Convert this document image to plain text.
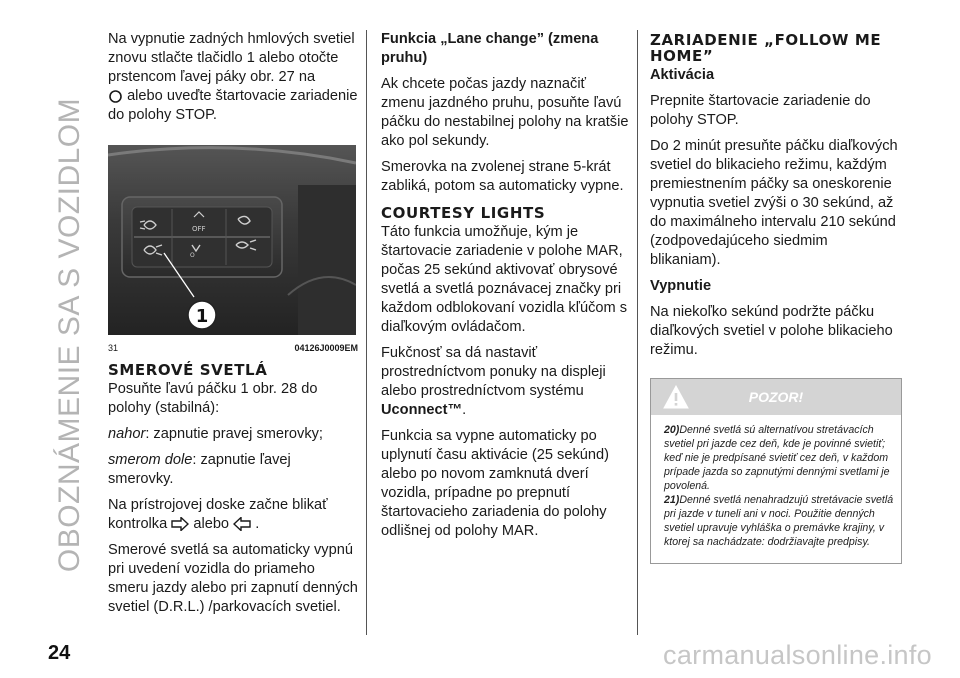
OBOZNÁMENIE SA S VOZIDLOM

Na vypnutie zadných hmlových svetiel znovu stlačte tlačidlo 1 alebo otočte prstencom ľavej páky obr. 27 na
alebo uveďte štartovacie zariadenie do polohy STOP.

OFF
O
1
31	04126J0009EM
SMEROVÉ SVETLÁ

Posuňte ľavú páčku 1 obr. 28 do polohy (stabilná):

nahor: zapnutie pravej smerovky;

smerom dole: zapnutie ľavej smerovky.

Na prístrojovej doske začne blikať kontrolka alebo .

Smerové svetlá sa automaticky vypnú pri uvedení vozidla do priameho smeru jazdy alebo pri zapnutí denných svetiel (D.R.L.) /parkovacích svetiel.

Funkcia „Lane change” (zmena pruhu)

Ak chcete počas jazdy naznačiť zmenu jazdného pruhu, posuňte ľavú páčku do nestabilnej polohy na kratšie ako pol sekundy.

Smerovka na zvolenej strane 5-krát zabliká, potom sa automaticky vypne.

COURTESY LIGHTS

Táto funkcia umožňuje, kým je štartovacie zariadenie v polohe MAR, počas 25 sekúnd aktivovať obrysové svetlá a svetlá poznávacej značky pri každom odblokovaní vozidla kľúčom s diaľkovým ovládačom.

Fukčnosť sa dá nastaviť prostredníctvom ponuky na displeji alebo prostredníctvom systému Uconnect™.

Funkcia sa vypne automaticky po uplynutí času aktivácie (25 sekúnd) alebo po novom zamknutá dverí vozidla, prípadne po prepnutí štartovacieho zariadenia do polohy odlišnej od polohy MAR.

ZARIADENIE „FOLLOW ME HOME”

Aktivácia

Prepnite štartovacie zariadenie do polohy STOP.

Do 2 minút presuňte páčku diaľkových svetiel do blikacieho režimu, každým premiestnením páčky sa oneskorenie vypnutia svetiel zvýši o 30 sekúnd, až do maximálneho intervalu 210 sekúnd (zodpovedajúceho siedmim blikaniam).

Vypnutie

Na niekoľko sekúnd podržte páčku diaľkových svetiel v polohe blikacieho režimu.

POZOR!

20)Denné svetlá sú alternatívou stretávacích svetiel pri jazde cez deň, kde je povinné svietiť; keď nie je predpísané svietiť cez deň, v každom prípade jazda so zapnutými dennými svetlami je povolená.

21)Denné svetlá nenahradzujú stretávacie svetlá pri jazde v tuneli ani v noci. Použitie denných svetiel upravuje vyhláška o premávke krajiny, v ktorej sa nachádzate: dodržiavajte predpisy.

24	carmanualsonline.info
